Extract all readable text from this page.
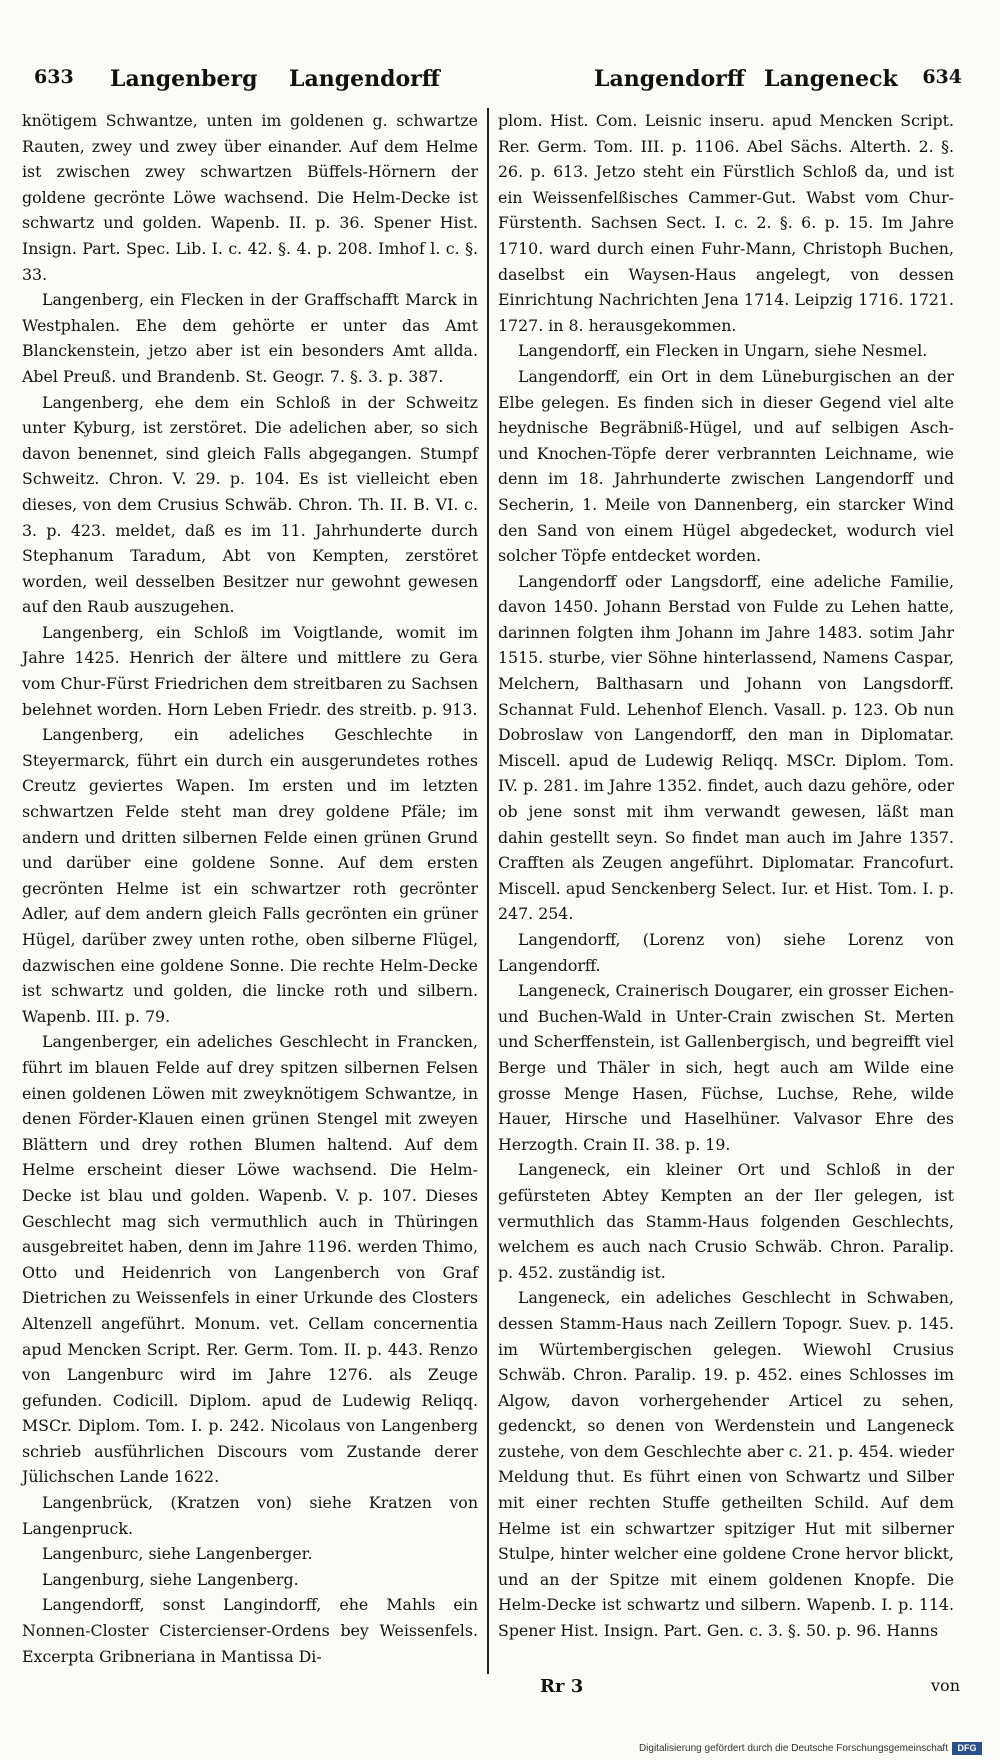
633 Langenberg Langendorff	Langendorff Langeneck 634

knötigem Schwantze, unten im goldenen g. schwartze Rauten, zwey und zwey über einander. Auf dem Helme ist zwischen zwey schwartzen Büffels-Hörnern der goldene gecrönte Löwe wachsend. Die Helm-Decke ist schwartz und golden. Wapenb. II. p. 36. Spener Hist. Insign. Part. Spec. Lib. I. c. 42. §. 4. p. 208. Imhof l. c. §. 33.

Langenberg, ein Flecken in der Graffschafft Marck in Westphalen. Ehe dem gehörte er unter das Amt Blanckenstein, jetzo aber ist ein besonders Amt allda. Abel Preuß. und Brandenb. St. Geogr. 7. §. 3. p. 387.

Langenberg, ehe dem ein Schloß in der Schweitz unter Kyburg, ist zerstöret. Die adelichen aber, so sich davon benennet, sind gleich Falls abgegangen. Stumpf Schweitz. Chron. V. 29. p. 104. Es ist vielleicht eben dieses, von dem Crusius Schwäb. Chron. Th. II. B. VI. c. 3. p. 423. meldet, daß es im 11. Jahrhunderte durch Stephanum Taradum, Abt von Kempten, zerstöret worden, weil desselben Besitzer nur gewohnt gewesen auf den Raub auszugehen.

Langenberg, ein Schloß im Voigtlande, womit im Jahre 1425. Henrich der ältere und mittlere zu Gera vom Chur-Fürst Friedrichen dem streitbaren zu Sachsen belehnet worden. Horn Leben Friedr. des streitb. p. 913.

Langenberg, ein adeliches Geschlechte in Steyermarck, führt ein durch ein ausgerundetes rothes Creutz geviertes Wapen. Im ersten und im letzten schwartzen Felde steht man drey goldene Pfäle; im andern und dritten silbernen Felde einen grünen Grund und darüber eine goldene Sonne. Auf dem ersten gecrönten Helme ist ein schwartzer roth gecrönter Adler, auf dem andern gleich Falls gecrönten ein grüner Hügel, darüber zwey unten rothe, oben silberne Flügel, dazwischen eine goldene Sonne. Die rechte Helm-Decke ist schwartz und golden, die lincke roth und silbern. Wapenb. III. p. 79.

Langenberger, ein adeliches Geschlecht in Francken, führt im blauen Felde auf drey spitzen silbernen Felsen einen goldenen Löwen mit zweyknötigem Schwantze, in denen Förder-Klauen einen grünen Stengel mit zweyen Blättern und drey rothen Blumen haltend. Auf dem Helme erscheint dieser Löwe wachsend. Die Helm-Decke ist blau und golden. Wapenb. V. p. 107. Dieses Geschlecht mag sich vermuthlich auch in Thüringen ausgebreitet haben, denn im Jahre 1196. werden Thimo, Otto und Heidenrich von Langenberch von Graf Dietrichen zu Weissenfels in einer Urkunde des Closters Altenzell angeführt. Monum. vet. Cellam concernentia apud Mencken Script. Rer. Germ. Tom. II. p. 443. Renzo von Langenburc wird im Jahre 1276. als Zeuge gefunden. Codicill. Diplom. apud de Ludewig Reliqq. MSCr. Diplom. Tom. I. p. 242. Nicolaus von Langenberg schrieb ausführlichen Discours vom Zustande derer Jülichschen Lande 1622.

Langenbrück, (Kratzen von) siehe Kratzen von Langenpruck.

Langenburc, siehe Langenberger.

Langenburg, siehe Langenberg.

Langendorff, sonst Langindorff, ehe Mahls ein Nonnen-Closter Cistercienser-Ordens bey Weissenfels. Excerpta Gribneriana in Mantissa Di-

plom. Hist. Com. Leisnic inseru. apud Mencken Script. Rer. Germ. Tom. III. p. 1106. Abel Sächs. Alterth. 2. §. 26. p. 613. Jetzo steht ein Fürstlich Schloß da, und ist ein Weissenfelßisches Cammer-Gut. Wabst vom Chur-Fürstenth. Sachsen Sect. I. c. 2. §. 6. p. 15. Im Jahre 1710. ward durch einen Fuhr-Mann, Christoph Buchen, daselbst ein Waysen-Haus angelegt, von dessen Einrichtung Nachrichten Jena 1714. Leipzig 1716. 1721. 1727. in 8. herausgekommen.

Langendorff, ein Flecken in Ungarn, siehe Nesmel.

Langendorff, ein Ort in dem Lüneburgischen an der Elbe gelegen. Es finden sich in dieser Gegend viel alte heydnische Begräbniß-Hügel, und auf selbigen Asch- und Knochen-Töpfe derer verbrannten Leichname, wie denn im 18. Jahrhunderte zwischen Langendorff und Secherin, 1. Meile von Dannenberg, ein starcker Wind den Sand von einem Hügel abgedecket, wodurch viel solcher Töpfe entdecket worden.

Langendorff oder Langsdorff, eine adeliche Familie, davon 1450. Johann Berstad von Fulde zu Lehen hatte, darinnen folgten ihm Johann im Jahre 1483. sotim Jahr 1515. sturbe, vier Söhne hinterlassend, Namens Caspar, Melchern, Balthasarn und Johann von Langsdorff. Schannat Fuld. Lehenhof Elench. Vasall. p. 123. Ob nun Dobroslaw von Langendorff, den man in Diplomatar. Miscell. apud de Ludewig Reliqq. MSCr. Diplom. Tom. IV. p. 281. im Jahre 1352. findet, auch dazu gehöre, oder ob jene sonst mit ihm verwandt gewesen, läßt man dahin gestellt seyn. So findet man auch im Jahre 1357. Crafften als Zeugen angeführt. Diplomatar. Francofurt. Miscell. apud Senckenberg Select. Iur. et Hist. Tom. I. p. 247. 254.

Langendorff, (Lorenz von) siehe Lorenz von Langendorff.

Langeneck, Crainerisch Dougarer, ein grosser Eichen- und Buchen-Wald in Unter-Crain zwischen St. Merten und Scherffenstein, ist Gallenbergisch, und begreifft viel Berge und Thäler in sich, hegt auch am Wilde eine grosse Menge Hasen, Füchse, Luchse, Rehe, wilde Hauer, Hirsche und Haselhüner. Valvasor Ehre des Herzogth. Crain II. 38. p. 19.

Langeneck, ein kleiner Ort und Schloß in der gefürsteten Abtey Kempten an der Iler gelegen, ist vermuthlich das Stamm-Haus folgenden Geschlechts, welchem es auch nach Crusio Schwäb. Chron. Paralip. p. 452. zuständig ist.

Langeneck, ein adeliches Geschlecht in Schwaben, dessen Stamm-Haus nach Zeillern Topogr. Suev. p. 145. im Würtembergischen gelegen. Wiewohl Crusius Schwäb. Chron. Paralip. 19. p. 452. eines Schlosses im Algow, davon vorhergehender Articel zu sehen, gedenckt, so denen von Werdenstein und Langeneck zustehe, von dem Geschlechte aber c. 21. p. 454. wieder Meldung thut. Es führt einen von Schwartz und Silber mit einer rechten Stuffe getheilten Schild. Auf dem Helme ist ein schwartzer spitziger Hut mit silberner Stulpe, hinter welcher eine goldene Crone hervor blickt, und an der Spitze mit einem goldenen Knopfe. Die Helm-Decke ist schwartz und silbern. Wapenb. I. p. 114. Spener Hist. Insign. Part. Gen. c. 3. §. 50. p. 96. Hanns

Rr 3	von
Digitalisierung gefördert durch die Deutsche Forschungsgemeinschaft	DFG
